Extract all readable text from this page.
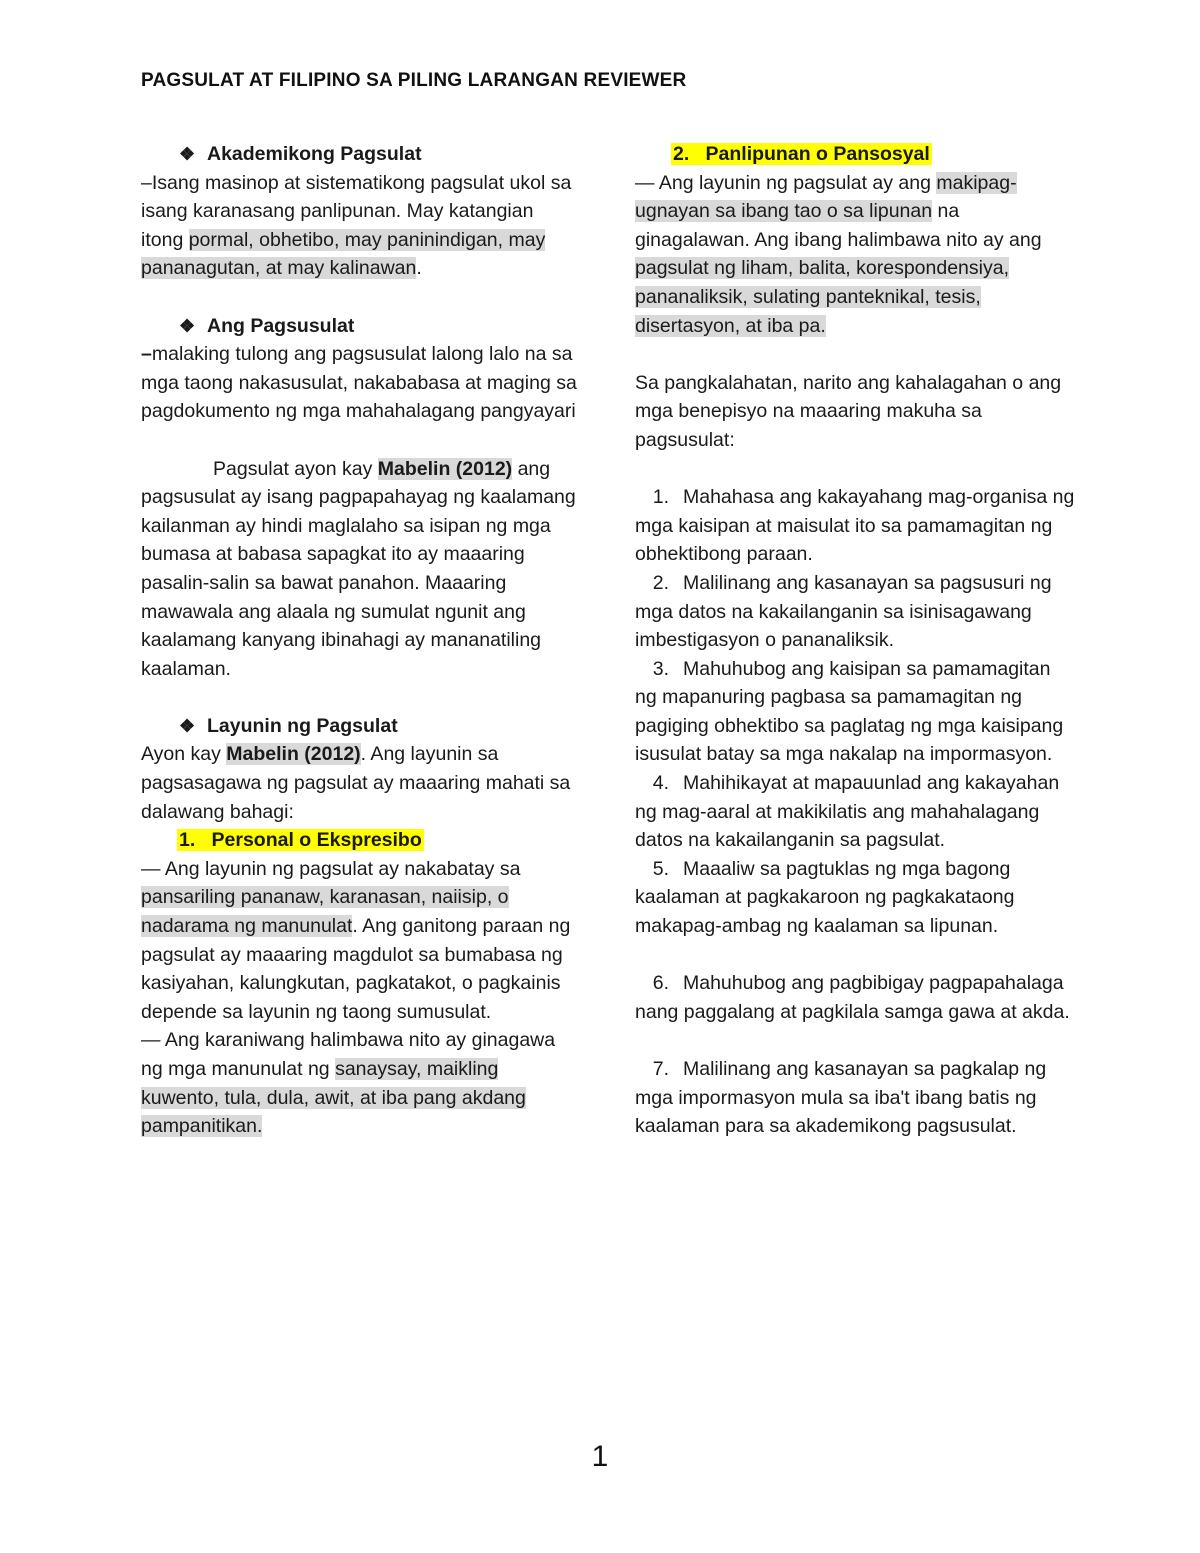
PAGSULAT AT FILIPINO SA PILING LARANGAN REVIEWER

❖ Akademikong Pagsulat

–Isang masinop at sistematikong pagsulat ukol sa isang karanasang panlipunan. May katangian itong pormal, obhetibo, may paninindigan, may pananagutan, at may kalinawan.

❖ Ang Pagsusulat

–malaking tulong ang pagsusulat lalong lalo na sa mga taong nakasusulat, nakababasa at maging sa pagdokumento ng mga mahahalagang pangyayari

Pagsulat ayon kay Mabelin (2012) ang pagsusulat ay isang pagpapahayag ng kaalamang kailanman ay hindi maglalaho sa isipan ng mga bumasa at babasa sapagkat ito ay maaaring pasalin-salin sa bawat panahon. Maaaring mawawala ang alaala ng sumulat ngunit ang kaalamang kanyang ibinahagi ay mananatiling kaalaman.

❖ Layunin ng Pagsulat

Ayon kay Mabelin (2012). Ang layunin sa pagsasagawa ng pagsulat ay maaaring mahati sa dalawang bahagi:

1.   Personal o Ekspresibo

— Ang layunin ng pagsulat ay nakabatay sa pansariling pananaw, karanasan, naiisip, o nadarama ng manunulat. Ang ganitong paraan ng pagsulat ay maaaring magdulot sa bumabasa ng kasiyahan, kalungkutan, pagkatakot, o pagkainis depende sa layunin ng taong sumusulat.

— Ang karaniwang halimbawa nito ay ginagawa ng mga manunulat ng sanaysay, maikling kuwento, tula, dula, awit, at iba pang akdang pampanitikan.

2.   Panlipunan o Pansosyal

— Ang layunin ng pagsulat ay ang makipag-ugnayan sa ibang tao o sa lipunan na ginagalawan. Ang ibang halimbawa nito ay ang pagsulat ng liham, balita, korespondensiya, pananaliksik, sulating panteknikal, tesis, disertasyon, at iba pa.

Sa pangkalahatan, narito ang kahalagahan o ang mga benepisyo na maaaring makuha sa pagsusulat:

1. Mahahasa ang kakayahang mag-organisa ng mga kaisipan at maisulat ito sa pamamagitan ng obhektibong paraan.

2. Malilinang ang kasanayan sa pagsusuri ng mga datos na kakailanganin sa isinisagawang imbestigasyon o pananaliksik.

3. Mahuhubog ang kaisipan sa pamamagitan ng mapanuring pagbasa sa pamamagitan ng pagiging obhektibo sa paglatag ng mga kaisipang isusulat batay sa mga nakalap na impormasyon.

4. Mahihikayat at mapauunlad ang kakayahan ng mag-aaral at makikilatis ang mahahalagang datos na kakailanganin sa pagsulat.

5. Maaaliw sa pagtuklas ng mga bagong kaalaman at pagkakaroon ng pagkakataong makapag-ambag ng kaalaman sa lipunan.

6. Mahuhubog ang pagbibigay pagpapahalaga nang paggalang at pagkilala samga gawa at akda.

7. Malilinang ang kasanayan sa pagkalap ng mga impormasyon mula sa iba't ibang batis ng kaalaman para sa akademikong pagsusulat.

1
